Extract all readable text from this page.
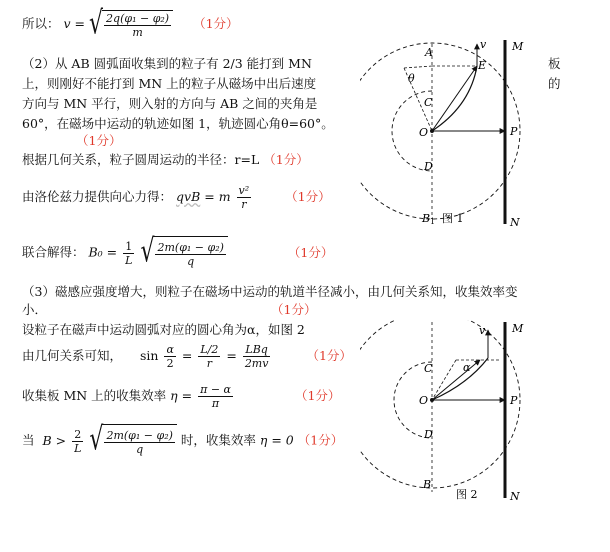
所以： v = √ $\frac{\text{2q(φ₁ − φ₂)}}{m} (1$分）
（2）从 AB 圆弧面收集到的粒子有 2/3 能打到 MN	板
上，则刚好不能打到 MN 上的粒子从磁场中出后速度	的
方向与 MN 平行，则入射的方向与 AB 之间的夹角是
60°，在磁场中运动的轨迹如图 1，轨迹圆心角θ=60°。
（1分）
根据几何关系，粒子圆周运动的半径：r=L （1分）
由洛伦兹力提供向心力得： qvB = m $\frac{\text{v²}}{r}$	（1分）
联合解得： $B_0 = \frac{1}{L}$
√ $\frac{\text{2m(φ₁ − φ₂)}}{q}$	（1分）
（3）磁感应强度增大，则粒子在磁场中运动的轨道半径减小，由几何关系知，收集效率变
小．	（1分）
设粒子在磁声中运动圆弧对应的圆心角为α，如图 2
由几何关系可知， $\sin \frac{\alpha}{2} = \frac{L/2}{r} = \frac{\text{LBq}}{2mv}$	（1分）
收集板 MN 上的收集效率 $\eta = \frac{\pi - \alpha}{\pi}$	（1分）
当 $B > \frac{2}{L}$
√ $\frac{\text{2m(φ₁ − φ₂)}}{q}$ 时，收集效率 η = 0 （1分）
A
θ
C
O
D
B 1
E
v
P
M
N
图 1
C
O
D
B
α
v
P
M
N
图 2
